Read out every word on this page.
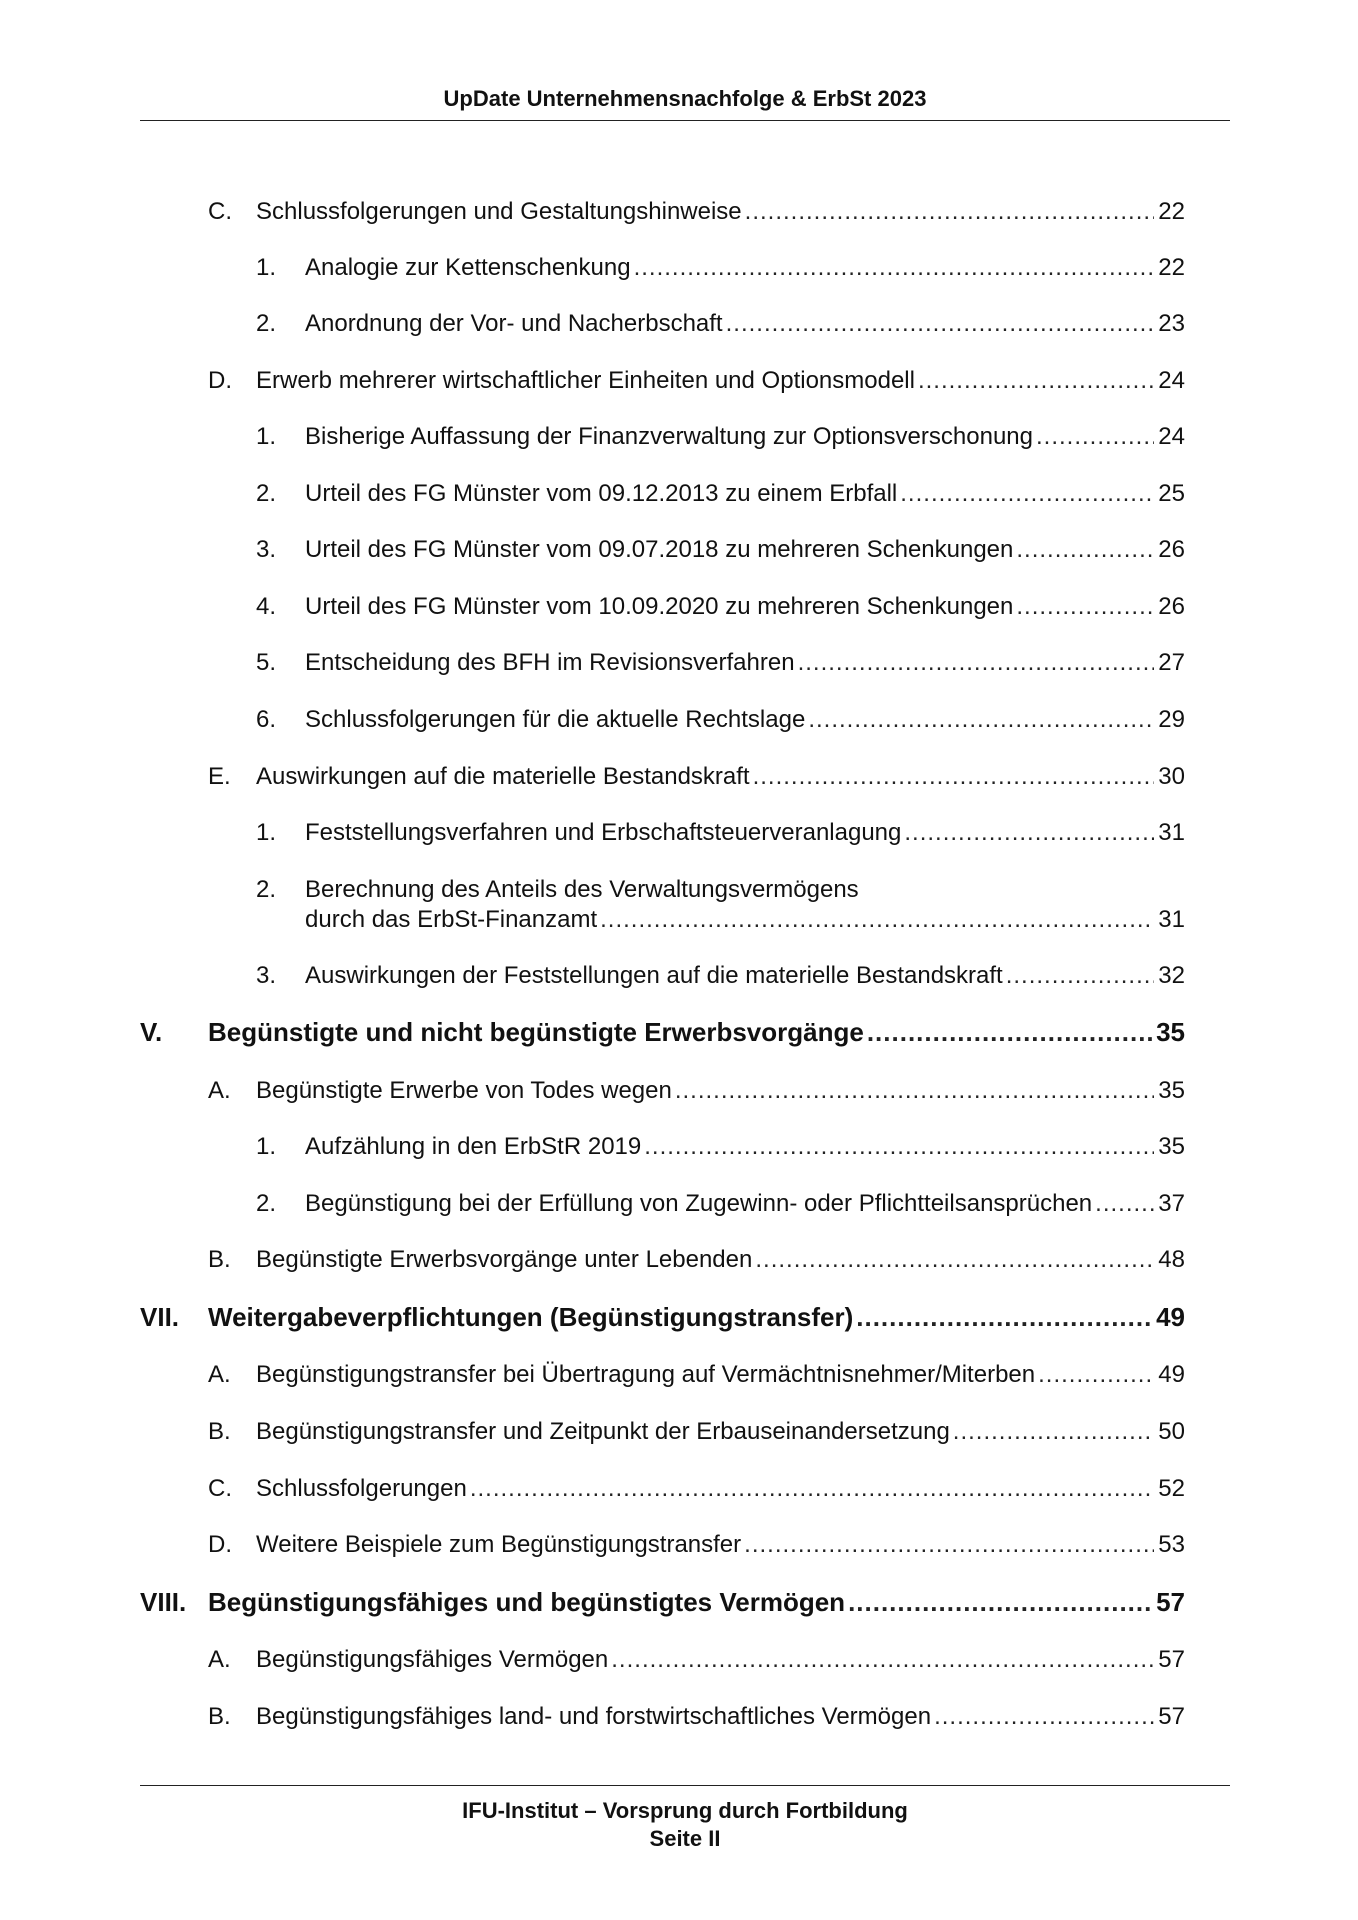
UpDate Unternehmensnachfolge & ErbSt 2023
C. Schlussfolgerungen und Gestaltungshinweise .....	22
1. Analogie zur Kettenschenkung .....	22
2. Anordnung der Vor- und Nacherbschaft .....	23
D. Erwerb mehrerer wirtschaftlicher Einheiten und Optionsmodell .....	24
1. Bisherige Auffassung der Finanzverwaltung zur Optionsverschonung .....	24
2. Urteil des FG Münster vom 09.12.2013 zu einem Erbfall .....	25
3. Urteil des FG Münster vom 09.07.2018 zu mehreren Schenkungen .....	26
4. Urteil des FG Münster vom 10.09.2020 zu mehreren Schenkungen .....	26
5. Entscheidung des BFH im Revisionsverfahren .....	27
6. Schlussfolgerungen für die aktuelle Rechtslage .....	29
E. Auswirkungen auf die materielle Bestandskraft .....	30
1. Feststellungsverfahren und Erbschaftsteuerveranlagung .....	31
2. Berechnung des Anteils des Verwaltungsvermögens
durch das ErbSt-Finanzamt .....	31
3. Auswirkungen der Feststellungen auf die materielle Bestandskraft .....	32
V. Begünstigte und nicht begünstigte Erwerbsvorgänge .....	35
A. Begünstigte Erwerbe von Todes wegen .....	35
1. Aufzählung in den ErbStR 2019 .....	35
2. Begünstigung bei der Erfüllung von Zugewinn- oder Pflichtteilsansprüchen .....	37
B. Begünstigte Erwerbsvorgänge unter Lebenden .....	48
VII. Weitergabeverpflichtungen (Begünstigungstransfer) .....	49
A. Begünstigungstransfer bei Übertragung auf Vermächtnisnehmer/Miterben .....	49
B. Begünstigungstransfer und Zeitpunkt der Erbauseinandersetzung .....	50
C. Schlussfolgerungen .....	52
D. Weitere Beispiele zum Begünstigungstransfer .....	53
VIII. Begünstigungsfähiges und begünstigtes Vermögen .....	57
A. Begünstigungsfähiges Vermögen .....	57
B. Begünstigungsfähiges land- und forstwirtschaftliches Vermögen .....	57
IFU-Institut – Vorsprung durch Fortbildung
Seite II
